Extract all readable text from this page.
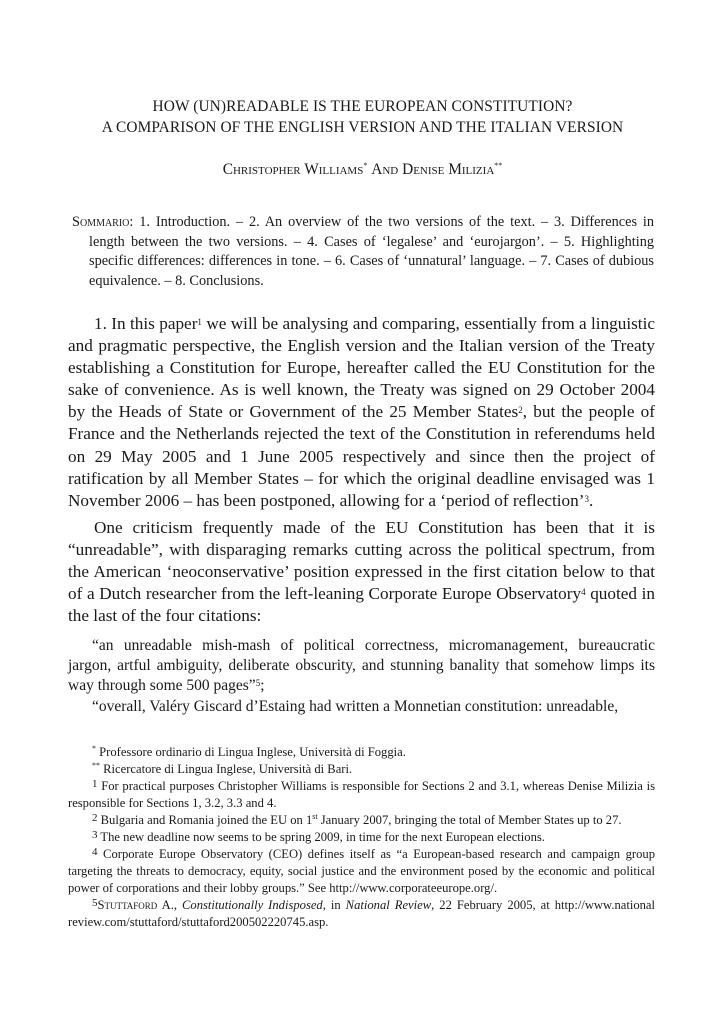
HOW (UN)READABLE IS THE EUROPEAN CONSTITUTION?
A COMPARISON OF THE ENGLISH VERSION AND THE ITALIAN VERSION
Christopher Williams* And Denise Milizia**
Sommario: 1. Introduction. – 2. An overview of the two versions of the text. – 3. Differences in length between the two versions. – 4. Cases of ‘legalese’ and ‘eurojargon’. – 5. Highlighting specific differences: differences in tone. – 6. Cases of ‘unnatural’ language. – 7. Cases of dubious equivalence. – 8. Conclusions.
1. In this paper$^1$ we will be analysing and comparing, essentially from a linguistic and pragmatic perspective, the English version and the Italian version of the Treaty establishing a Constitution for Europe, hereafter called the EU Constitution for the sake of convenience. As is well known, the Treaty was signed on 29 October 2004 by the Heads of State or Government of the 25 Member States$^2$, but the people of France and the Netherlands rejected the text of the Constitution in referendums held on 29 May 2005 and 1 June 2005 respectively and since then the project of ratification by all Member States – for which the original deadline envisaged was 1 November 2006 – has been postponed, allowing for a ‘period of reflection’$^3$.
One criticism frequently made of the EU Constitution has been that it is “unreadable”, with disparaging remarks cutting across the political spectrum, from the American ‘neoconservative’ position expressed in the first citation below to that of a Dutch researcher from the left-leaning Corporate Europe Observatory$^4$ quoted in the last of the four citations:
“an unreadable mish-mash of political correctness, micromanagement, bureaucratic jargon, artful ambiguity, deliberate obscurity, and stunning banality that somehow limps its way through some 500 pages”$^5$;
“overall, Valéry Giscard d’Estaing had written a Monnetian constitution: unreadable,

* Professore ordinario di Lingua Inglese, Università di Foggia.

** Ricercatore di Lingua Inglese, Università di Bari.

$^1$ For practical purposes Christopher Williams is responsible for Sections 2 and 3.1, whereas Denise Milizia is responsible for Sections 1, 3.2, 3.3 and 4.

$^2$ Bulgaria and Romania joined the EU on 1st January 2007, bringing the total of Member States up to 27.

$^3$ The new deadline now seems to be spring 2009, in time for the next European elections.

$^4$ Corporate Europe Observatory (CEO) defines itself as “a European-based research and campaign group targeting the threats to democracy, equity, social justice and the environment posed by the economic and political power of corporations and their lobby groups.” See http://www.corporateeurope.org/.

$^5$Stuttaford A., Constitutionally Indisposed, in National Review, 22 February 2005, at http://www.national review.com/stuttaford/stuttaford200502220745.asp.
